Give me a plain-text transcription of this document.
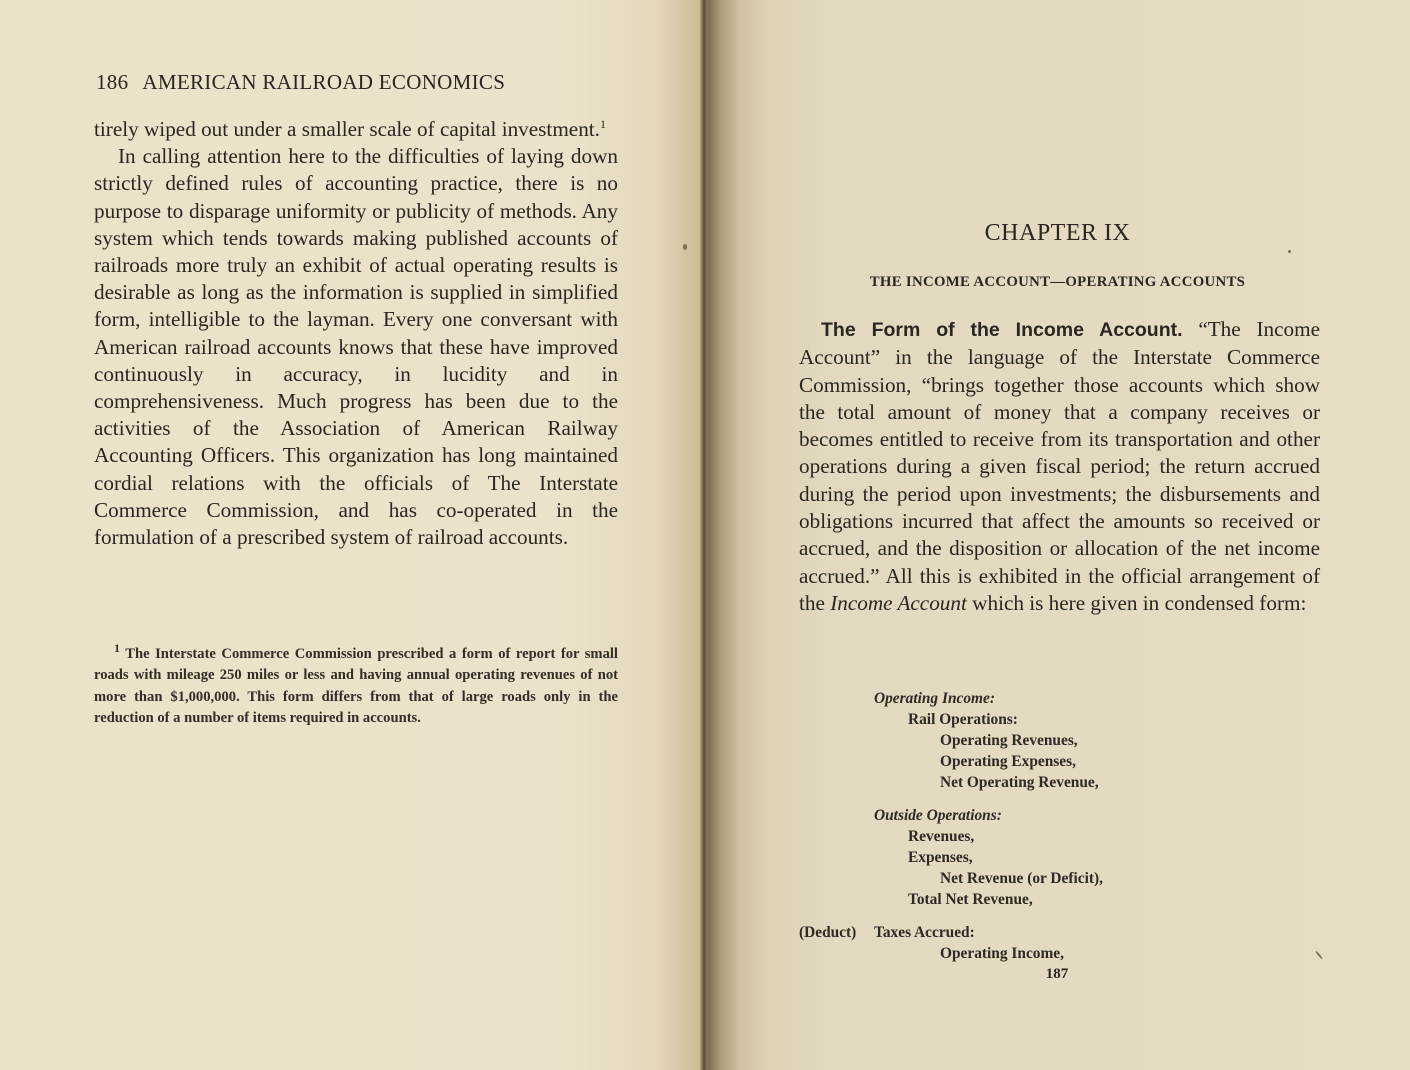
186 AMERICAN RAILROAD ECONOMICS

tirely wiped out under a smaller scale of capital investment.$^1$

In calling attention here to the difficulties of laying down strictly defined rules of accounting practice, there is no purpose to disparage uniformity or publicity of methods. Any system which tends towards making published accounts of railroads more truly an exhibit of actual operating results is desirable as long as the information is supplied in simplified form, intelligible to the layman. Every one conversant with American railroad accounts knows that these have improved continuously in accuracy, in lucidity and in comprehensiveness. Much progress has been due to the activities of the Association of American Railway Accounting Officers. This organization has long maintained cordial relations with the officials of The Interstate Commerce Commission, and has co-operated in the formulation of a prescribed system of railroad accounts.

$^1$ The Interstate Commerce Commission prescribed a form of report for small roads with mileage 250 miles or less and having annual operating revenues of not more than $1,000,000. This form differs from that of large roads only in the reduction of a number of items required in accounts.

CHAPTER IX
THE INCOME ACCOUNT—OPERATING ACCOUNTS

The Form of the Income Account. “The Income Account” in the language of the Interstate Commerce Commission, “brings together those accounts which show the total amount of money that a company receives or becomes entitled to receive from its transportation and other operations during a given fiscal period; the return accrued during the period upon investments; the disbursements and obligations incurred that affect the amounts so received or accrued, and the disposition or allocation of the net income accrued.” All this is exhibited in the official arrangement of the Income Account which is here given in condensed form:

Operating Income:
Rail Operations:
Operating Revenues,
Operating Expenses,
Net Operating Revenue,
Outside Operations:
Revenues,
Expenses,
Net Revenue (or Deficit),
Total Net Revenue,
(Deduct) Taxes Accrued:
Operating Income,
187
